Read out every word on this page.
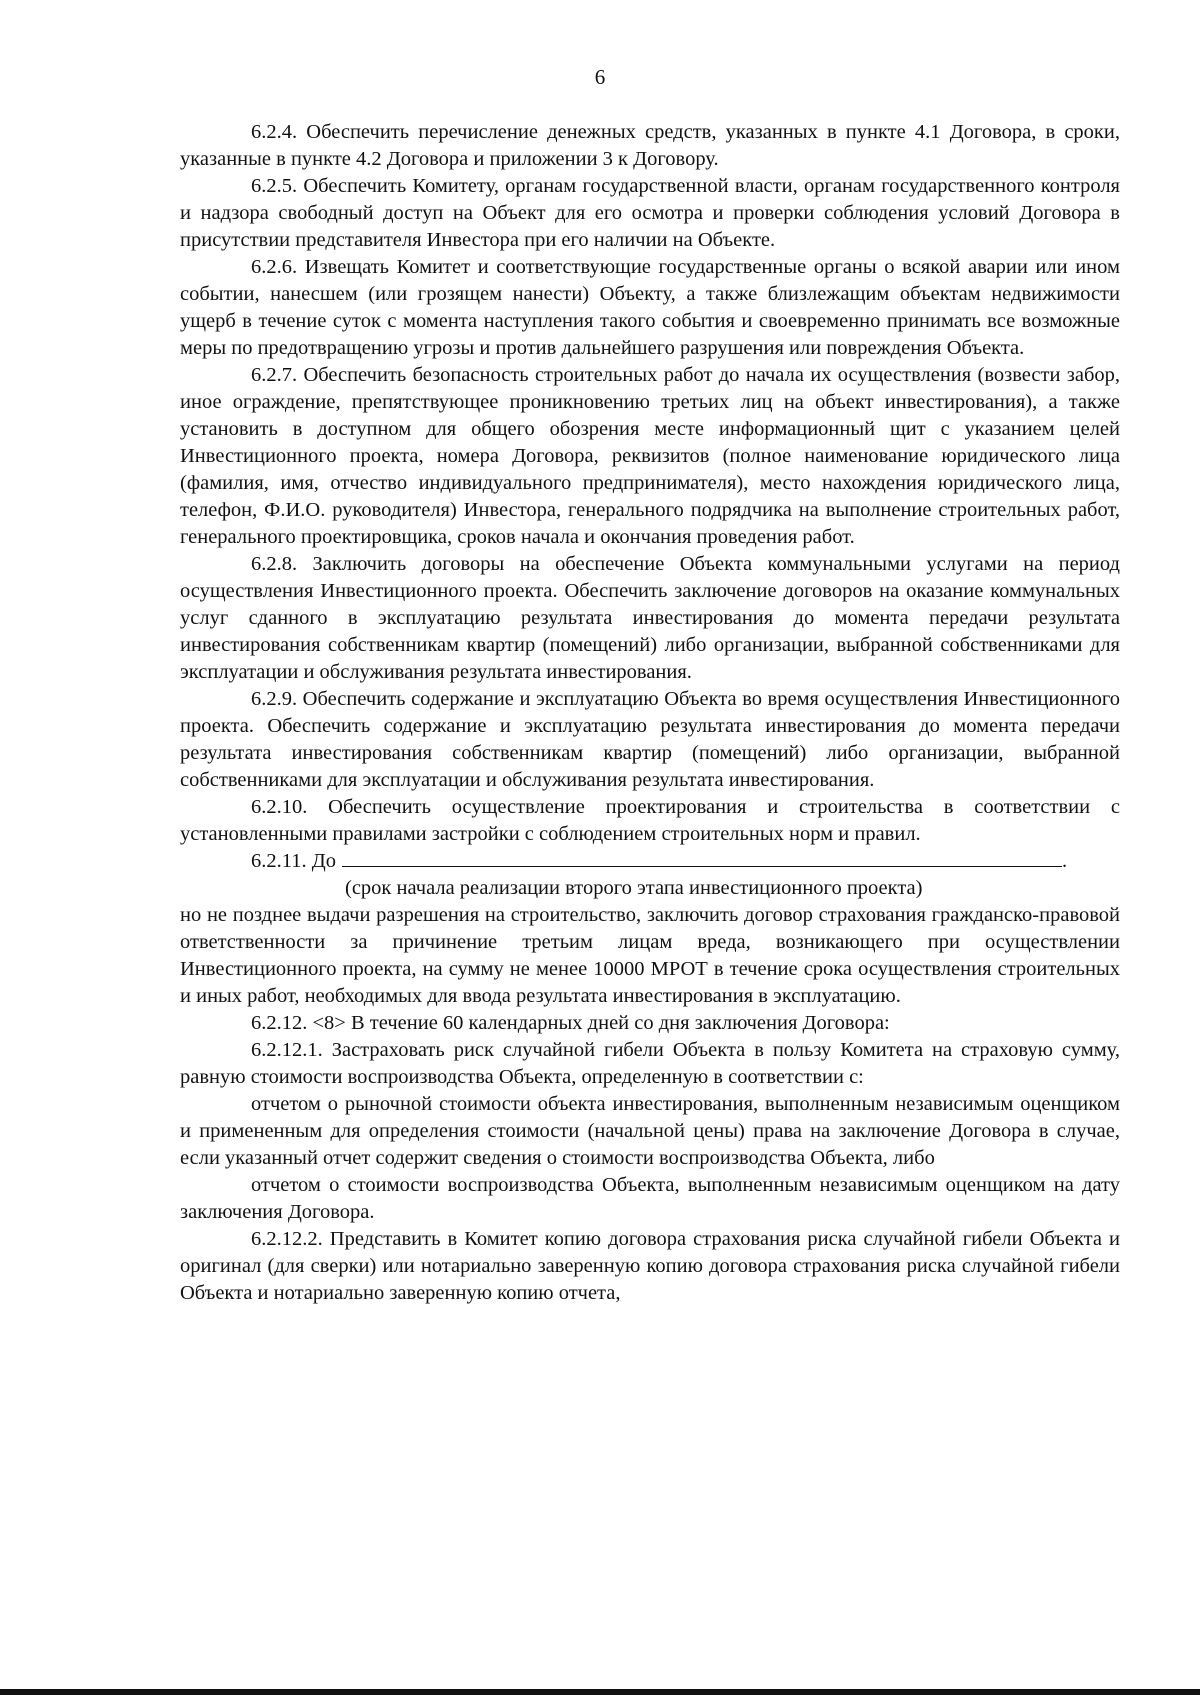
6

6.2.4. Обеспечить перечисление денежных средств, указанных в пункте 4.1 Договора, в сроки, указанные в пункте 4.2 Договора и приложении 3 к Договору.

6.2.5. Обеспечить Комитету, органам государственной власти, органам государственного контроля и надзора свободный доступ на Объект для его осмотра и проверки соблюдения условий Договора в присутствии представителя Инвестора при его наличии на Объекте.

6.2.6. Извещать Комитет и соответствующие государственные органы о всякой аварии или ином событии, нанесшем (или грозящем нанести) Объекту, а также близлежащим объектам недвижимости ущерб в течение суток с момента наступления такого события и своевременно принимать все возможные меры по предотвращению угрозы и против дальнейшего разрушения или повреждения Объекта.

6.2.7. Обеспечить безопасность строительных работ до начала их осуществления (возвести забор, иное ограждение, препятствующее проникновению третьих лиц на объект инвестирования), а также установить в доступном для общего обозрения месте информационный щит с указанием целей Инвестиционного проекта, номера Договора, реквизитов (полное наименование юридического лица (фамилия, имя, отчество индивидуального предпринимателя), место нахождения юридического лица, телефон, Ф.И.О. руководителя) Инвестора, генерального подрядчика на выполнение строительных работ, генерального проектировщика, сроков начала и окончания проведения работ.

6.2.8. Заключить договоры на обеспечение Объекта коммунальными услугами на период осуществления Инвестиционного проекта. Обеспечить заключение договоров на оказание коммунальных услуг сданного в эксплуатацию результата инвестирования до момента передачи результата инвестирования собственникам квартир (помещений) либо организации, выбранной собственниками для эксплуатации и обслуживания результата инвестирования.

6.2.9. Обеспечить содержание и эксплуатацию Объекта во время осуществления Инвестиционного проекта. Обеспечить содержание и эксплуатацию результата инвестирования до момента передачи результата инвестирования собственникам квартир (помещений) либо организации, выбранной собственниками для эксплуатации и обслуживания результата инвестирования.

6.2.10. Обеспечить осуществление проектирования и строительства в соответствии с установленными правилами застройки с соблюдением строительных норм и правил.

6.2.11. До	.

(срок начала реализации второго этапа инвестиционного проекта)

но не позднее выдачи разрешения на строительство, заключить договор страхования гражданско-правовой ответственности за причинение третьим лицам вреда, возникающего при осуществлении Инвестиционного проекта, на сумму не менее 10000 МРОТ в течение срока осуществления строительных и иных работ, необходимых для ввода результата инвестирования в эксплуатацию.

6.2.12. <8> В течение 60 календарных дней со дня заключения Договора:

6.2.12.1. Застраховать риск случайной гибели Объекта в пользу Комитета на страховую сумму, равную стоимости воспроизводства Объекта, определенную в соответствии с:

отчетом о рыночной стоимости объекта инвестирования, выполненным независимым оценщиком и примененным для определения стоимости (начальной цены) права на заключение Договора в случае, если указанный отчет содержит сведения о стоимости воспроизводства Объекта, либо

отчетом о стоимости воспроизводства Объекта, выполненным независимым оценщиком на дату заключения Договора.

6.2.12.2. Представить в Комитет копию договора страхования риска случайной гибели Объекта и оригинал (для сверки) или нотариально заверенную копию договора страхования риска случайной гибели Объекта и нотариально заверенную копию отчета,
